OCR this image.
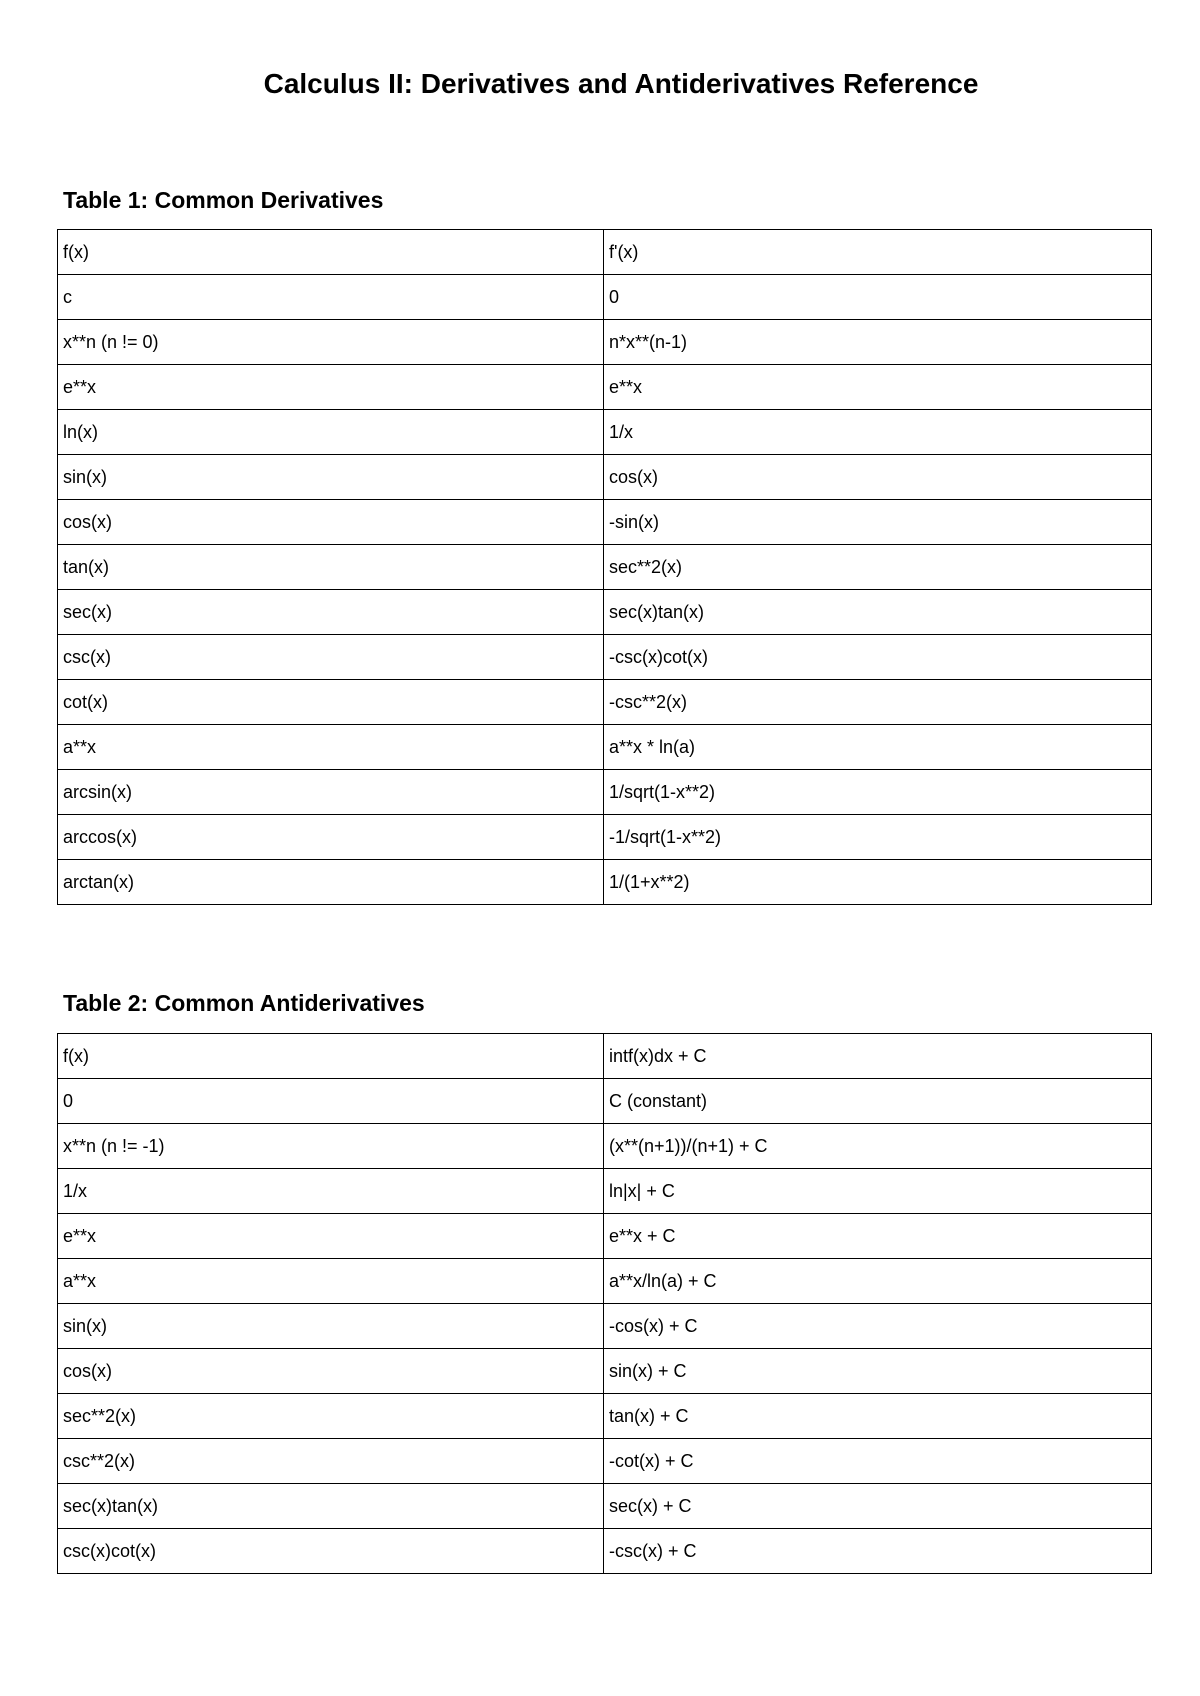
Calculus II: Derivatives and Antiderivatives Reference
Table 1: Common Derivatives
f(x)	f'(x)
c	0
x**n (n != 0)	n*x**(n-1)
e**x	e**x
ln(x)	1/x
sin(x)	cos(x)
cos(x)	-sin(x)
tan(x)	sec**2(x)
sec(x)	sec(x)tan(x)
csc(x)	-csc(x)cot(x)
cot(x)	-csc**2(x)
a**x	a**x * ln(a)
arcsin(x)	1/sqrt(1-x**2)
arccos(x)	-1/sqrt(1-x**2)
arctan(x)	1/(1+x**2)
Table 2: Common Antiderivatives
f(x)	intf(x)dx + C
0	C (constant)
x**n (n != -1)	(x**(n+1))/(n+1) + C
1/x	ln|x| + C
e**x	e**x + C
a**x	a**x/ln(a) + C
sin(x)	-cos(x) + C
cos(x)	sin(x) + C
sec**2(x)	tan(x) + C
csc**2(x)	-cot(x) + C
sec(x)tan(x)	sec(x) + C
csc(x)cot(x)	-csc(x) + C
